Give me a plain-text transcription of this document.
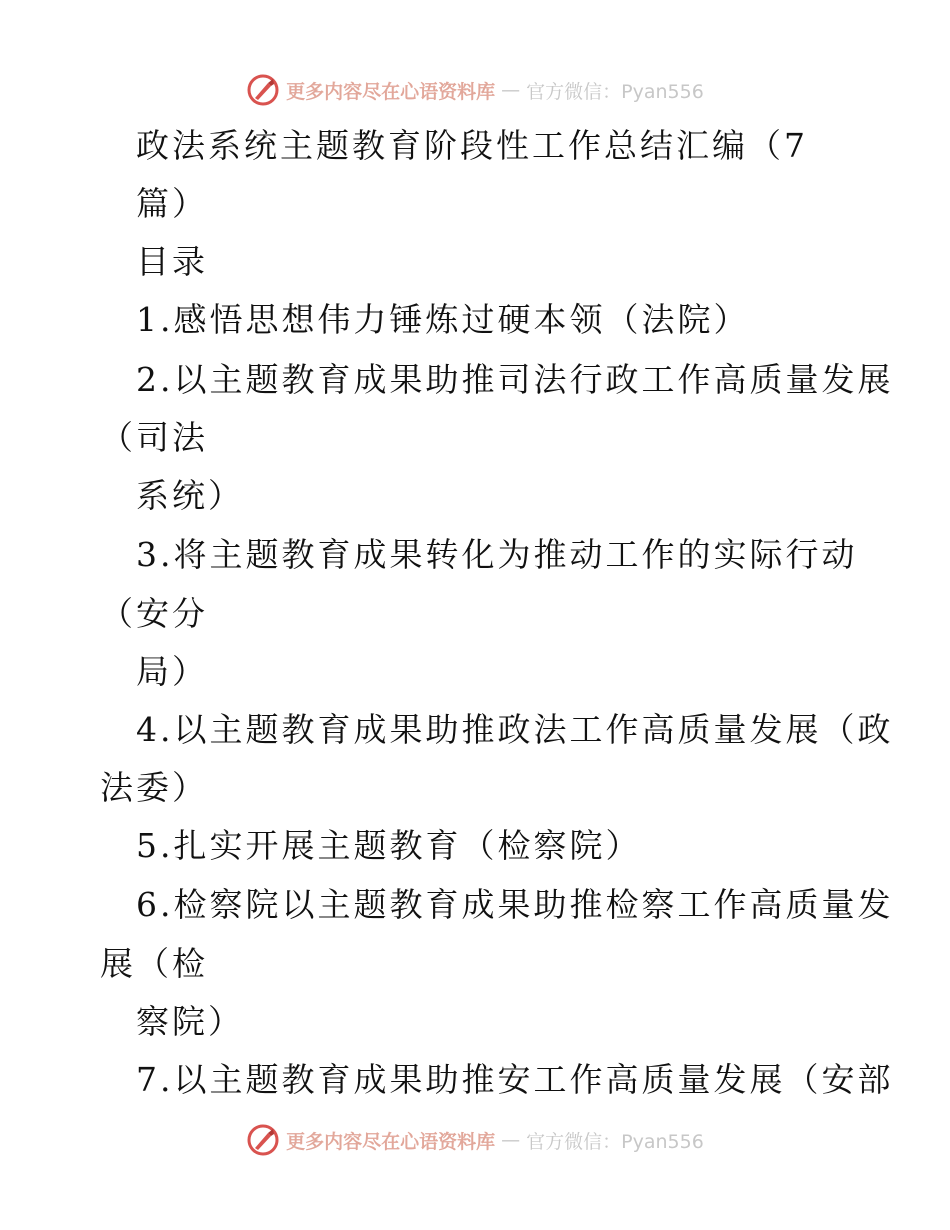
更多内容尽在心语资料库 — 官方微信：Pyan556
政法系统主题教育阶段性工作总结汇编（7
篇）
目录
1.感悟思想伟力锤炼过硬本领（法院）
2.以主题教育成果助推司法行政工作高质量发展
（司法
系统）
3.将主题教育成果转化为推动工作的实际行动
（安分
局）
4.以主题教育成果助推政法工作高质量发展（政
法委）
5.扎实开展主题教育（检察院）
6.检察院以主题教育成果助推检察工作高质量发
展（检
察院）
7.以主题教育成果助推安工作高质量发展（安部
更多内容尽在心语资料库 — 官方微信：Pyan556
